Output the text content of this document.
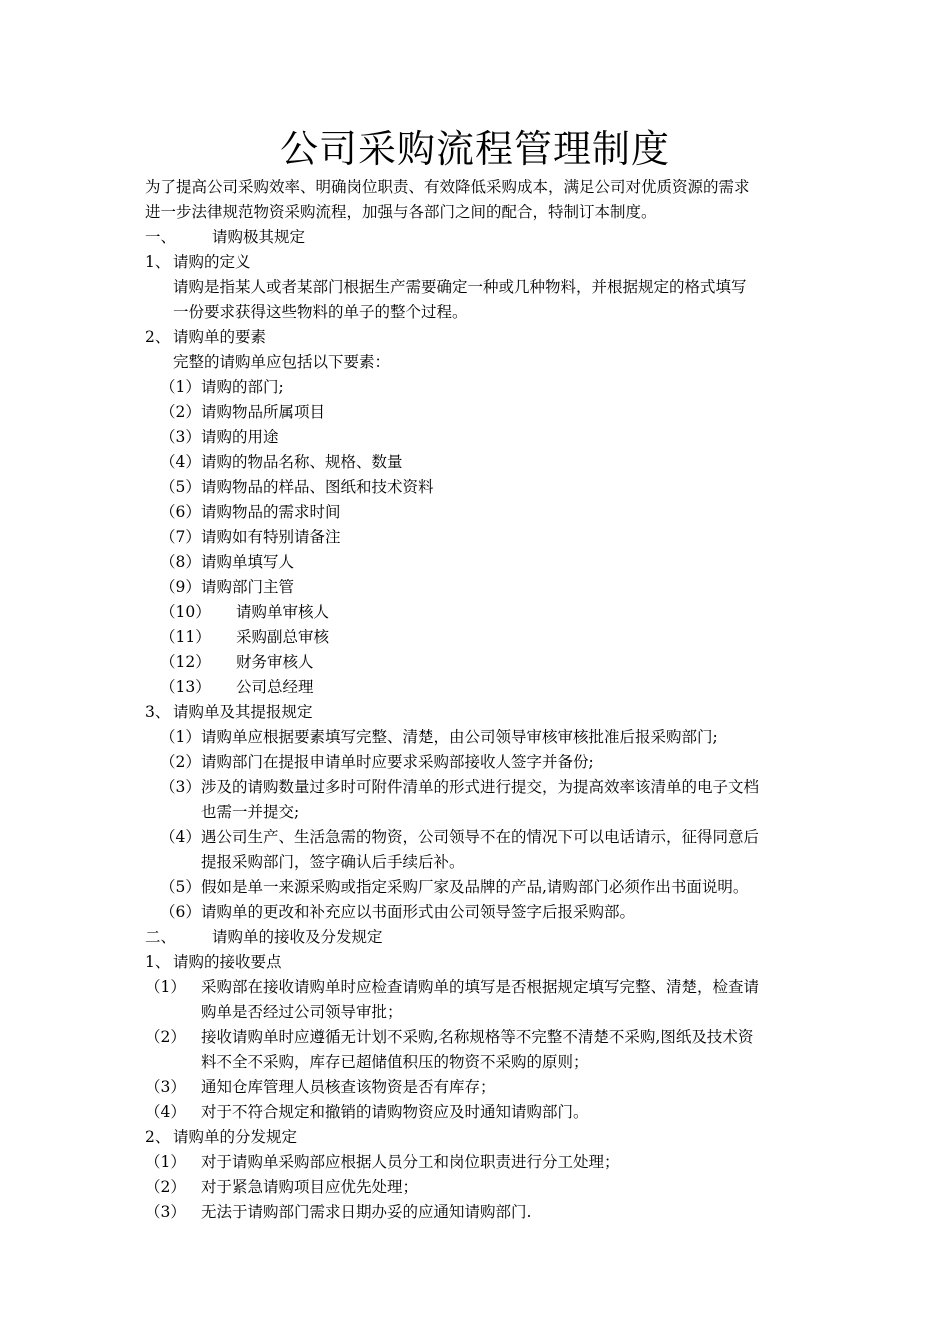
公司采购流程管理制度
为了提高公司采购效率、明确岗位职责、有效降低采购成本，满足公司对优质资源的需求
进一步法律规范物资采购流程，加强与各部门之间的配合，特制订本制度。
一、 请购极其规定
1、 请购的定义
请购是指某人或者某部门根据生产需要确定一种或几种物料，并根据规定的格式填写
一份要求获得这些物料的单子的整个过程。
2、 请购单的要素
完整的请购单应包括以下要素：
（1） 请购的部门;
（2） 请购物品所属项目
（3） 请购的用途
（4） 请购的物品名称、规格、数量
（5） 请购物品的样品、图纸和技术资料
（6） 请购物品的需求时间
（7） 请购如有特别请备注
（8） 请购单填写人
（9） 请购部门主管
（10） 请购单审核人
（11） 采购副总审核
（12） 财务审核人
（13） 公司总经理
3、 请购单及其提报规定
（1） 请购单应根据要素填写完整、清楚，由公司领导审核审核批准后报采购部门;
（2） 请购部门在提报申请单时应要求采购部接收人签字并备份;
（3） 涉及的请购数量过多时可附件清单的形式进行提交，为提高效率该清单的电子文档
也需一并提交;
（4） 遇公司生产、生活急需的物资，公司领导不在的情况下可以电话请示，征得同意后
提报采购部门，签字确认后手续后补。
（5） 假如是单一来源采购或指定采购厂家及品牌的产品,请购部门必须作出书面说明。
（6） 请购单的更改和补充应以书面形式由公司领导签字后报采购部。
二、 请购单的接收及分发规定
1、 请购的接收要点
（1） 采购部在接收请购单时应检查请购单的填写是否根据规定填写完整、清楚，检查请
购单是否经过公司领导审批；
（2） 接收请购单时应遵循无计划不采购,名称规格等不完整不清楚不采购,图纸及技术资
料不全不采购，库存已超储值积压的物资不采购的原则；
（3） 通知仓库管理人员核查该物资是否有库存；
（4） 对于不符合规定和撤销的请购物资应及时通知请购部门。
2、 请购单的分发规定
（1） 对于请购单采购部应根据人员分工和岗位职责进行分工处理；
（2） 对于紧急请购项目应优先处理；
（3） 无法于请购部门需求日期办妥的应通知请购部门.
